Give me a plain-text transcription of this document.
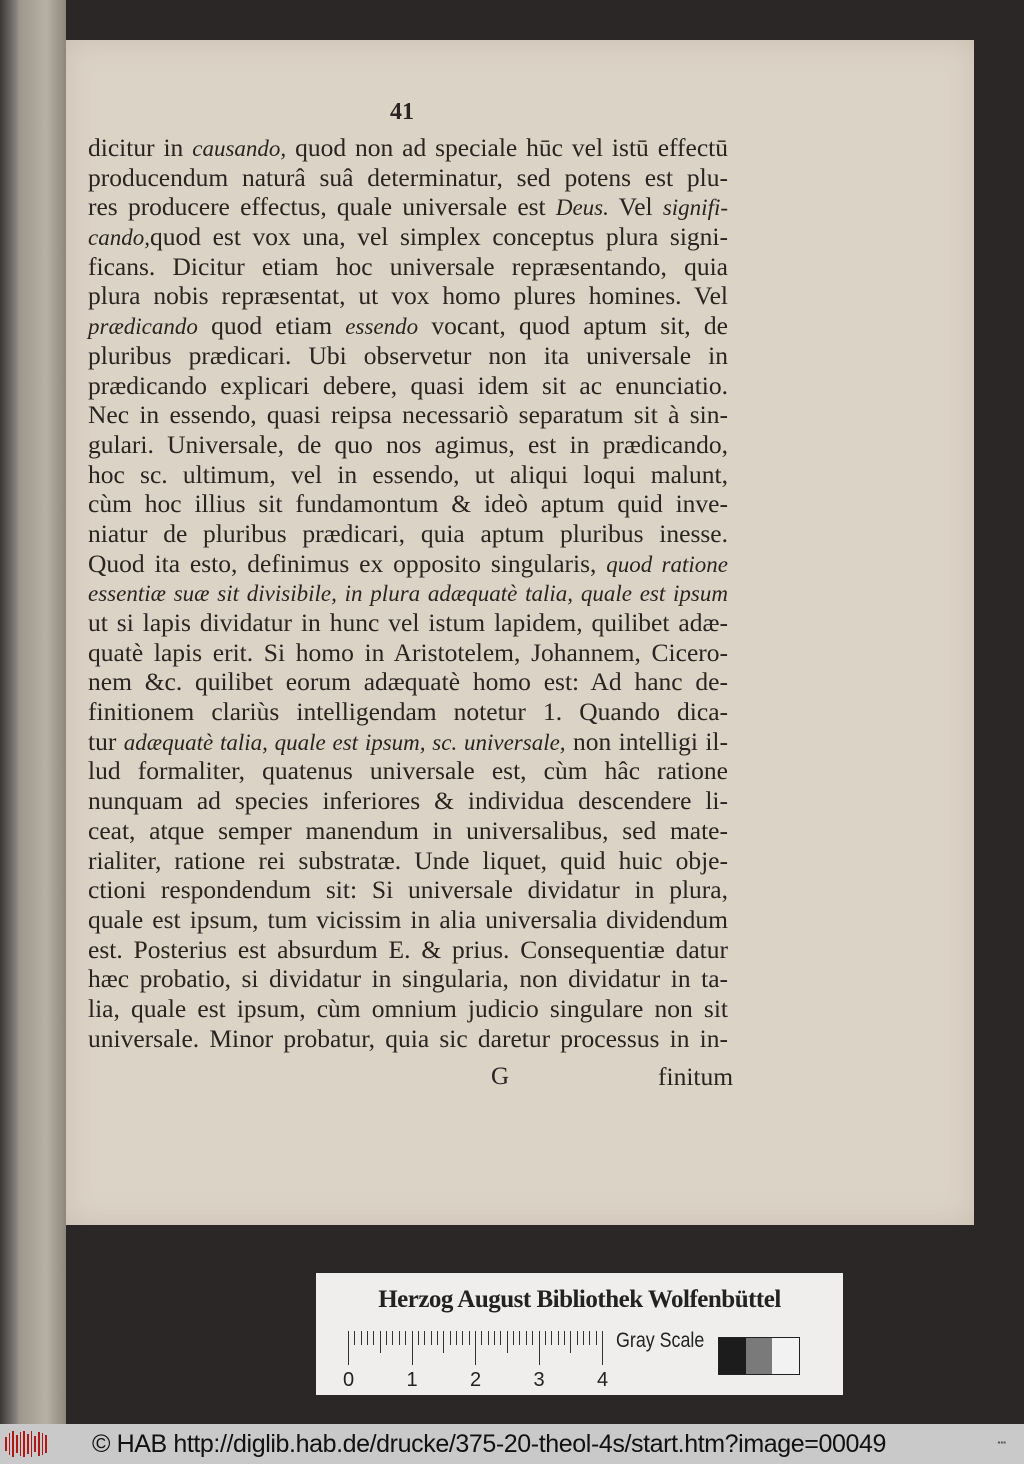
41
dicitur in causando, quod non ad speciale hūc vel istū effectū
producendum naturâ suâ determinatur, sed potens est plu-
res producere effectus, quale universale est Deus. Vel signifi-
cando,quod est vox una, vel simplex conceptus plura signi-
ficans. Dicitur etiam hoc universale repræsentando, quia
plura nobis repræsentat, ut vox homo plures homines. Vel
prædicando quod etiam essendo vocant, quod aptum sit, de
pluribus prædicari. Ubi observetur non ita universale in
prædicando explicari debere, quasi idem sit ac enunciatio.
Nec in essendo, quasi reipsa necessariò separatum sit à sin-
gulari. Universale, de quo nos agimus, est in prædicando,
hoc sc. ultimum, vel in essendo, ut aliqui loqui malunt,
cùm hoc illius sit fundamontum & ideò aptum quid inve-
niatur de pluribus prædicari, quia aptum pluribus inesse.
Quod ita esto, definimus ex opposito singularis, quod ratione
essentiæ suæ sit divisibile, in plura adæquatè talia, quale est ipsum
ut si lapis dividatur in hunc vel istum lapidem, quilibet adæ-
quatè lapis erit. Si homo in Aristotelem, Johannem, Cicero-
nem &c. quilibet eorum adæquatè homo est: Ad hanc de-
finitionem clariùs intelligendam notetur 1. Quando dica-
tur adæquatè talia, quale est ipsum, sc. universale, non intelligi il-
lud formaliter, quatenus universale est, cùm hâc ratione
nunquam ad species inferiores & individua descendere li-
ceat, atque semper manendum in universalibus, sed mate-
rialiter, ratione rei substratæ. Unde liquet, quid huic obje-
ctioni respondendum sit: Si universale dividatur in plura,
quale est ipsum, tum vicissim in alia universalia dividendum
est. Posterius est absurdum E. & prius. Consequentiæ datur
hæc probatio, si dividatur in singularia, non dividatur in ta-
lia, quale est ipsum, cùm omnium judicio singulare non sit
universale. Minor probatur, quia sic daretur processus in in-
G	finitum
Herzog August Bibliothek Wolfenbüttel
Gray Scale
0	1	2	3	4
© HAB http://diglib.hab.de/drucke/375-20-theol-4s/start.htm?image=00049	▪▪▪
